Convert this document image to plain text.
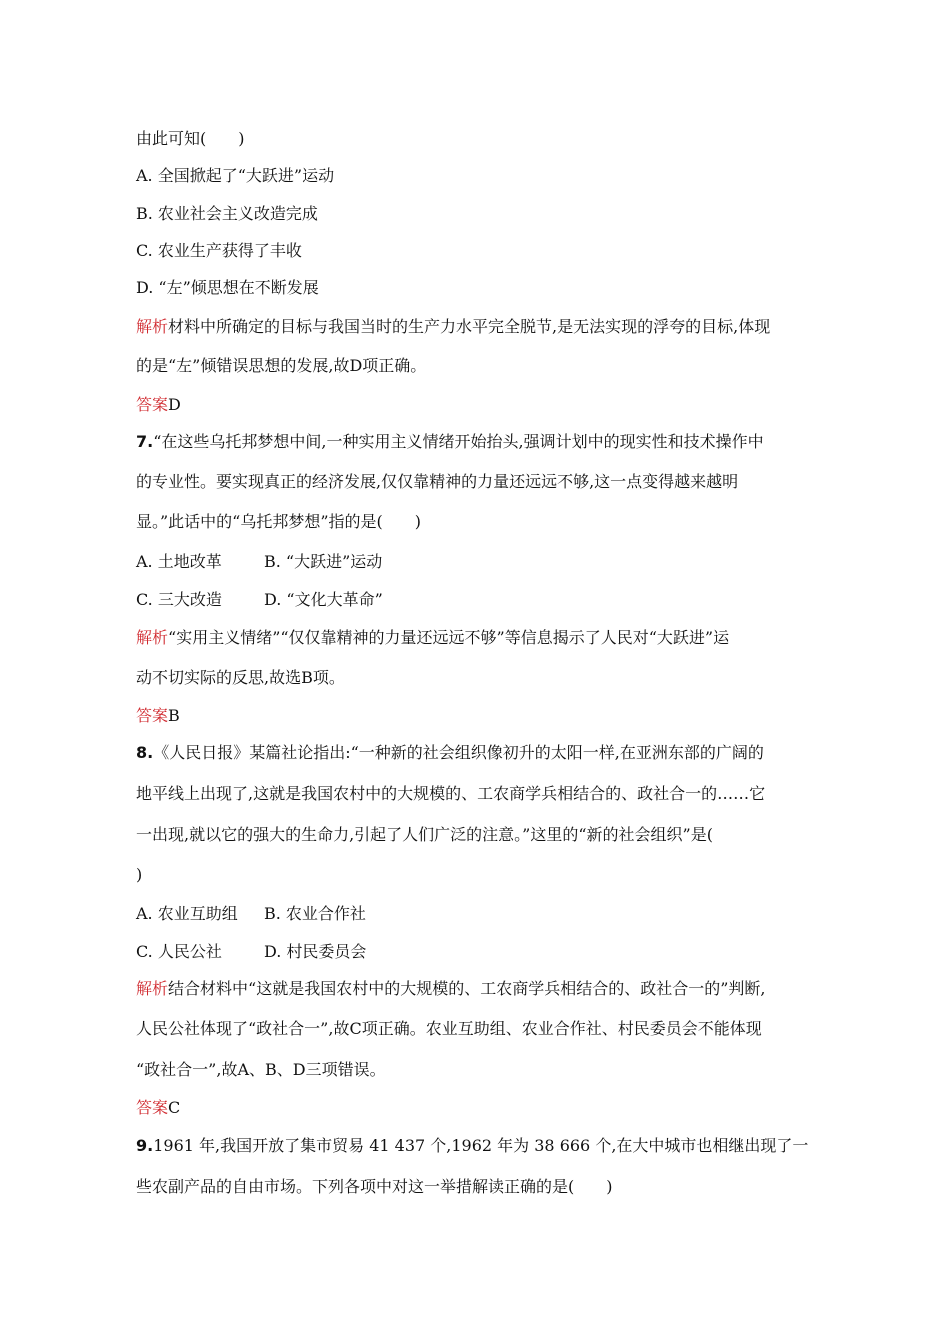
由此可知(　　)
A. 全国掀起了“大跃进”运动
B. 农业社会主义改造完成
C. 农业生产获得了丰收
D. “左”倾思想在不断发展
解析材料中所确定的目标与我国当时的生产力水平完全脱节,是无法实现的浮夸的目标,体现
的是“左”倾错误思想的发展,故D项正确。
答案D
7.“在这些乌托邦梦想中间,一种实用主义情绪开始抬头,强调计划中的现实性和技术操作中
的专业性。要实现真正的经济发展,仅仅靠精神的力量还远远不够,这一点变得越来越明
显。”此话中的“乌托邦梦想”指的是(　　)
A. 土地改革	B. “大跃进”运动
C. 三大改造	D. “文化大革命”
解析“实用主义情绪”“仅仅靠精神的力量还远远不够”等信息揭示了人民对“大跃进”运
动不切实际的反思,故选B项。
答案B
8.《人民日报》某篇社论指出:“一种新的社会组织像初升的太阳一样,在亚洲东部的广阔的
地平线上出现了,这就是我国农村中的大规模的、工农商学兵相结合的、政社合一的……它
一出现,就以它的强大的生命力,引起了人们广泛的注意。”这里的“新的社会组织”是(
)
A. 农业互助组 B. 农业合作社
C. 人民公社	D. 村民委员会
解析结合材料中“这就是我国农村中的大规模的、工农商学兵相结合的、政社合一的”判断,
人民公社体现了“政社合一”,故C项正确。农业互助组、农业合作社、村民委员会不能体现
“政社合一”,故A、B、D三项错误。
答案C
9.1961 年,我国开放了集市贸易 41 437 个,1962 年为 38 666 个,在大中城市也相继出现了一
些农副产品的自由市场。下列各项中对这一举措解读正确的是(　　)
